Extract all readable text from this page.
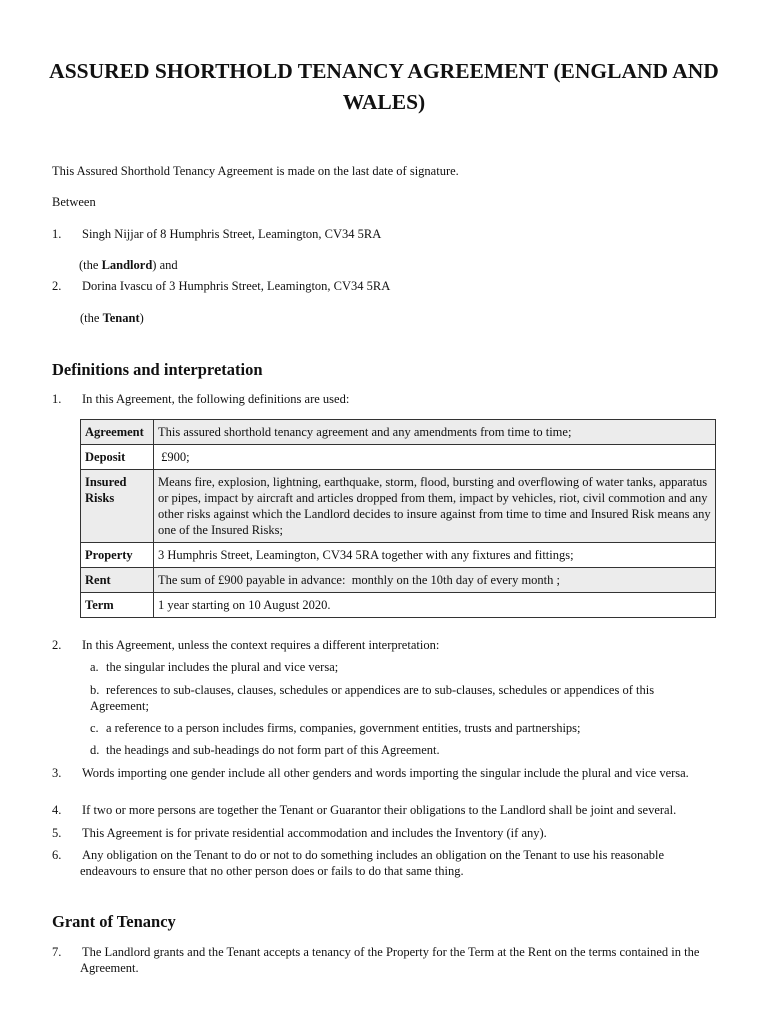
ASSURED SHORTHOLD TENANCY AGREEMENT (ENGLAND AND WALES)
This Assured Shorthold Tenancy Agreement is made on the last date of signature.
Between
1. Singh Nijjar of 8 Humphris Street, Leamington, CV34 5RA
(the Landlord) and
2. Dorina Ivascu of 3 Humphris Street, Leamington, CV34 5RA
(the Tenant)
Definitions and interpretation
1. In this Agreement, the following definitions are used:
Agreement	This assured shorthold tenancy agreement and any amendments from time to time;
Deposit	£900;
Insured Risks	Means fire, explosion, lightning, earthquake, storm, flood, bursting and overflowing of water tanks, apparatus or pipes, impact by aircraft and articles dropped from them, impact by vehicles, riot, civil commotion and any other risks against which the Landlord decides to insure against from time to time and Insured Risk means any one of the Insured Risks;
Property	3 Humphris Street, Leamington, CV34 5RA together with any fixtures and fittings;
Rent	The sum of £900 payable in advance:  monthly on the 10th day of every month ;
Term	1 year starting on 10 August 2020.
2. In this Agreement, unless the context requires a different interpretation:
a. the singular includes the plural and vice versa;
b. references to sub-clauses, clauses, schedules or appendices are to sub-clauses, schedules or appendices of this Agreement;
c. a reference to a person includes firms, companies, government entities, trusts and partnerships;
d. the headings and sub-headings do not form part of this Agreement.
3. Words importing one gender include all other genders and words importing the singular include the plural and vice versa.
4. If two or more persons are together the Tenant or Guarantor their obligations to the Landlord shall be joint and several.
5. This Agreement is for private residential accommodation and includes the Inventory (if any).
6. Any obligation on the Tenant to do or not to do something includes an obligation on the Tenant to use his reasonable endeavours to ensure that no other person does or fails to do that same thing.
Grant of Tenancy
7. The Landlord grants and the Tenant accepts a tenancy of the Property for the Term at the Rent on the terms contained in the Agreement.
